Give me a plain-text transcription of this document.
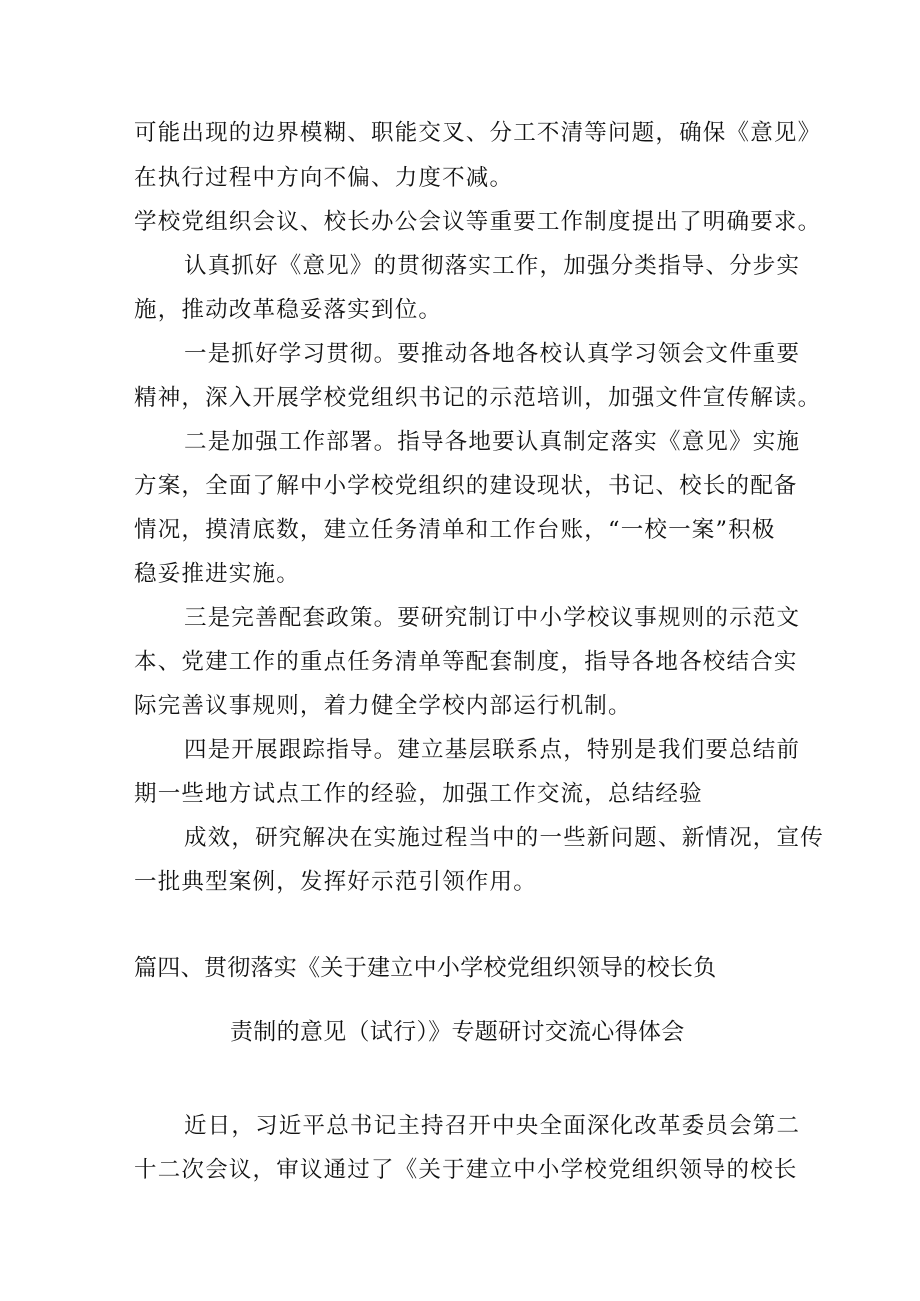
可能出现的边界模糊、职能交叉、分工不清等问题，确保《意见》
在执行过程中方向不偏、力度不减。
学校党组织会议、校长办公会议等重要工作制度提出了明确要求。
认真抓好《意见》的贯彻落实工作，加强分类指导、分步实
施，推动改革稳妥落实到位。
一是抓好学习贯彻。要推动各地各校认真学习领会文件重要
精神，深入开展学校党组织书记的示范培训，加强文件宣传解读。
二是加强工作部署。指导各地要认真制定落实《意见》实施
方案，全面了解中小学校党组织的建设现状，书记、校长的配备
情况，摸清底数，建立任务清单和工作台账，“一校一案”积极
稳妥推进实施。
三是完善配套政策。要研究制订中小学校议事规则的示范文
本、党建工作的重点任务清单等配套制度，指导各地各校结合实
际完善议事规则，着力健全学校内部运行机制。
四是开展跟踪指导。建立基层联系点，特别是我们要总结前
期一些地方试点工作的经验，加强工作交流，总结经验
成效，研究解决在实施过程当中的一些新问题、新情况，宣传
一批典型案例，发挥好示范引领作用。
篇四、贯彻落实《关于建立中小学校党组织领导的校长负
责制的意见（试行）》专题研讨交流心得体会
近日，习近平总书记主持召开中央全面深化改革委员会第二
十二次会议，审议通过了《关于建立中小学校党组织领导的校长
